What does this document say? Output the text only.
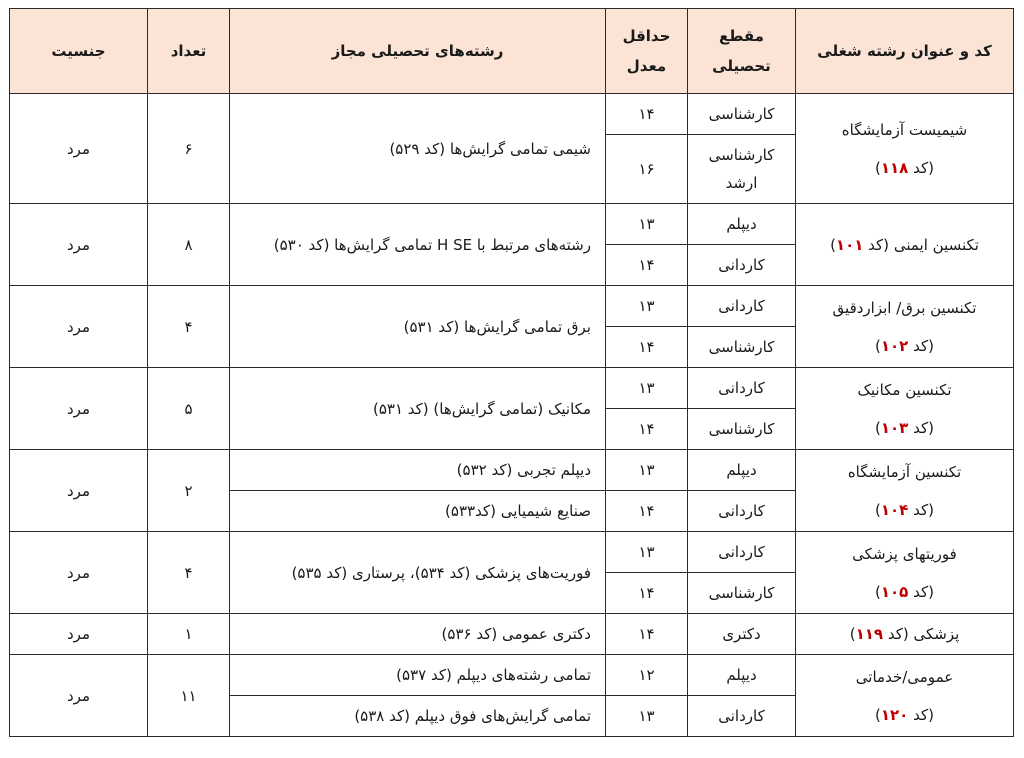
کد و عنوان رشته شغلی	مقطع تحصیلی	حداقل معدل	رشته‌های تحصیلی مجاز	تعداد	جنسیت
شیمیست آزمایشگاه
(کد ۱۱۸)	کارشناسی	۱۴	شیمی تمامی گرایش‌ها (کد ۵۲۹)	۶	مرد
	کارشناسی ارشد	۱۶			
تکنسین ایمنی (کد ۱۰۱)	دیپلم	۱۳	رشته‌های مرتبط با H SE تمامی گرایش‌ها (کد ۵۳۰)	۸	مرد
	کاردانی	۱۴			
تکنسین برق/ ابزاردقیق
(کد ۱۰۲)	کاردانی	۱۳	برق تمامی گرایش‌ها (کد ۵۳۱)	۴	مرد
	کارشناسی	۱۴			
تکنسین مکانیک
(کد ۱۰۳)	کاردانی	۱۳	مکانیک (تمامی گرایش‌ها) (کد ۵۳۱)	۵	مرد
	کارشناسی	۱۴			
تکنسین آزمایشگاه
(کد ۱۰۴)	دیپلم	۱۳	دیپلم تجربی (کد ۵۳۲)	۲	مرد
	کاردانی	۱۴	صنایع شیمیایی (کد۵۳۳)		
فوریتهای پزشکی
(کد ۱۰۵)	کاردانی	۱۳	فوریت‌های پزشکی (کد ۵۳۴)، پرستاری (کد ۵۳۵)	۴	مرد
	کارشناسی	۱۴			
پزشکی (کد ۱۱۹)	دکتری	۱۴	دکتری عمومی (کد ۵۳۶)	۱	مرد
عمومی/خدماتی
(کد ۱۲۰)	دیپلم	۱۲	تمامی رشته‌های دیپلم (کد ۵۳۷)	۱۱	مرد
	کاردانی	۱۳	تمامی گرایش‌های فوق دیپلم (کد ۵۳۸)		
